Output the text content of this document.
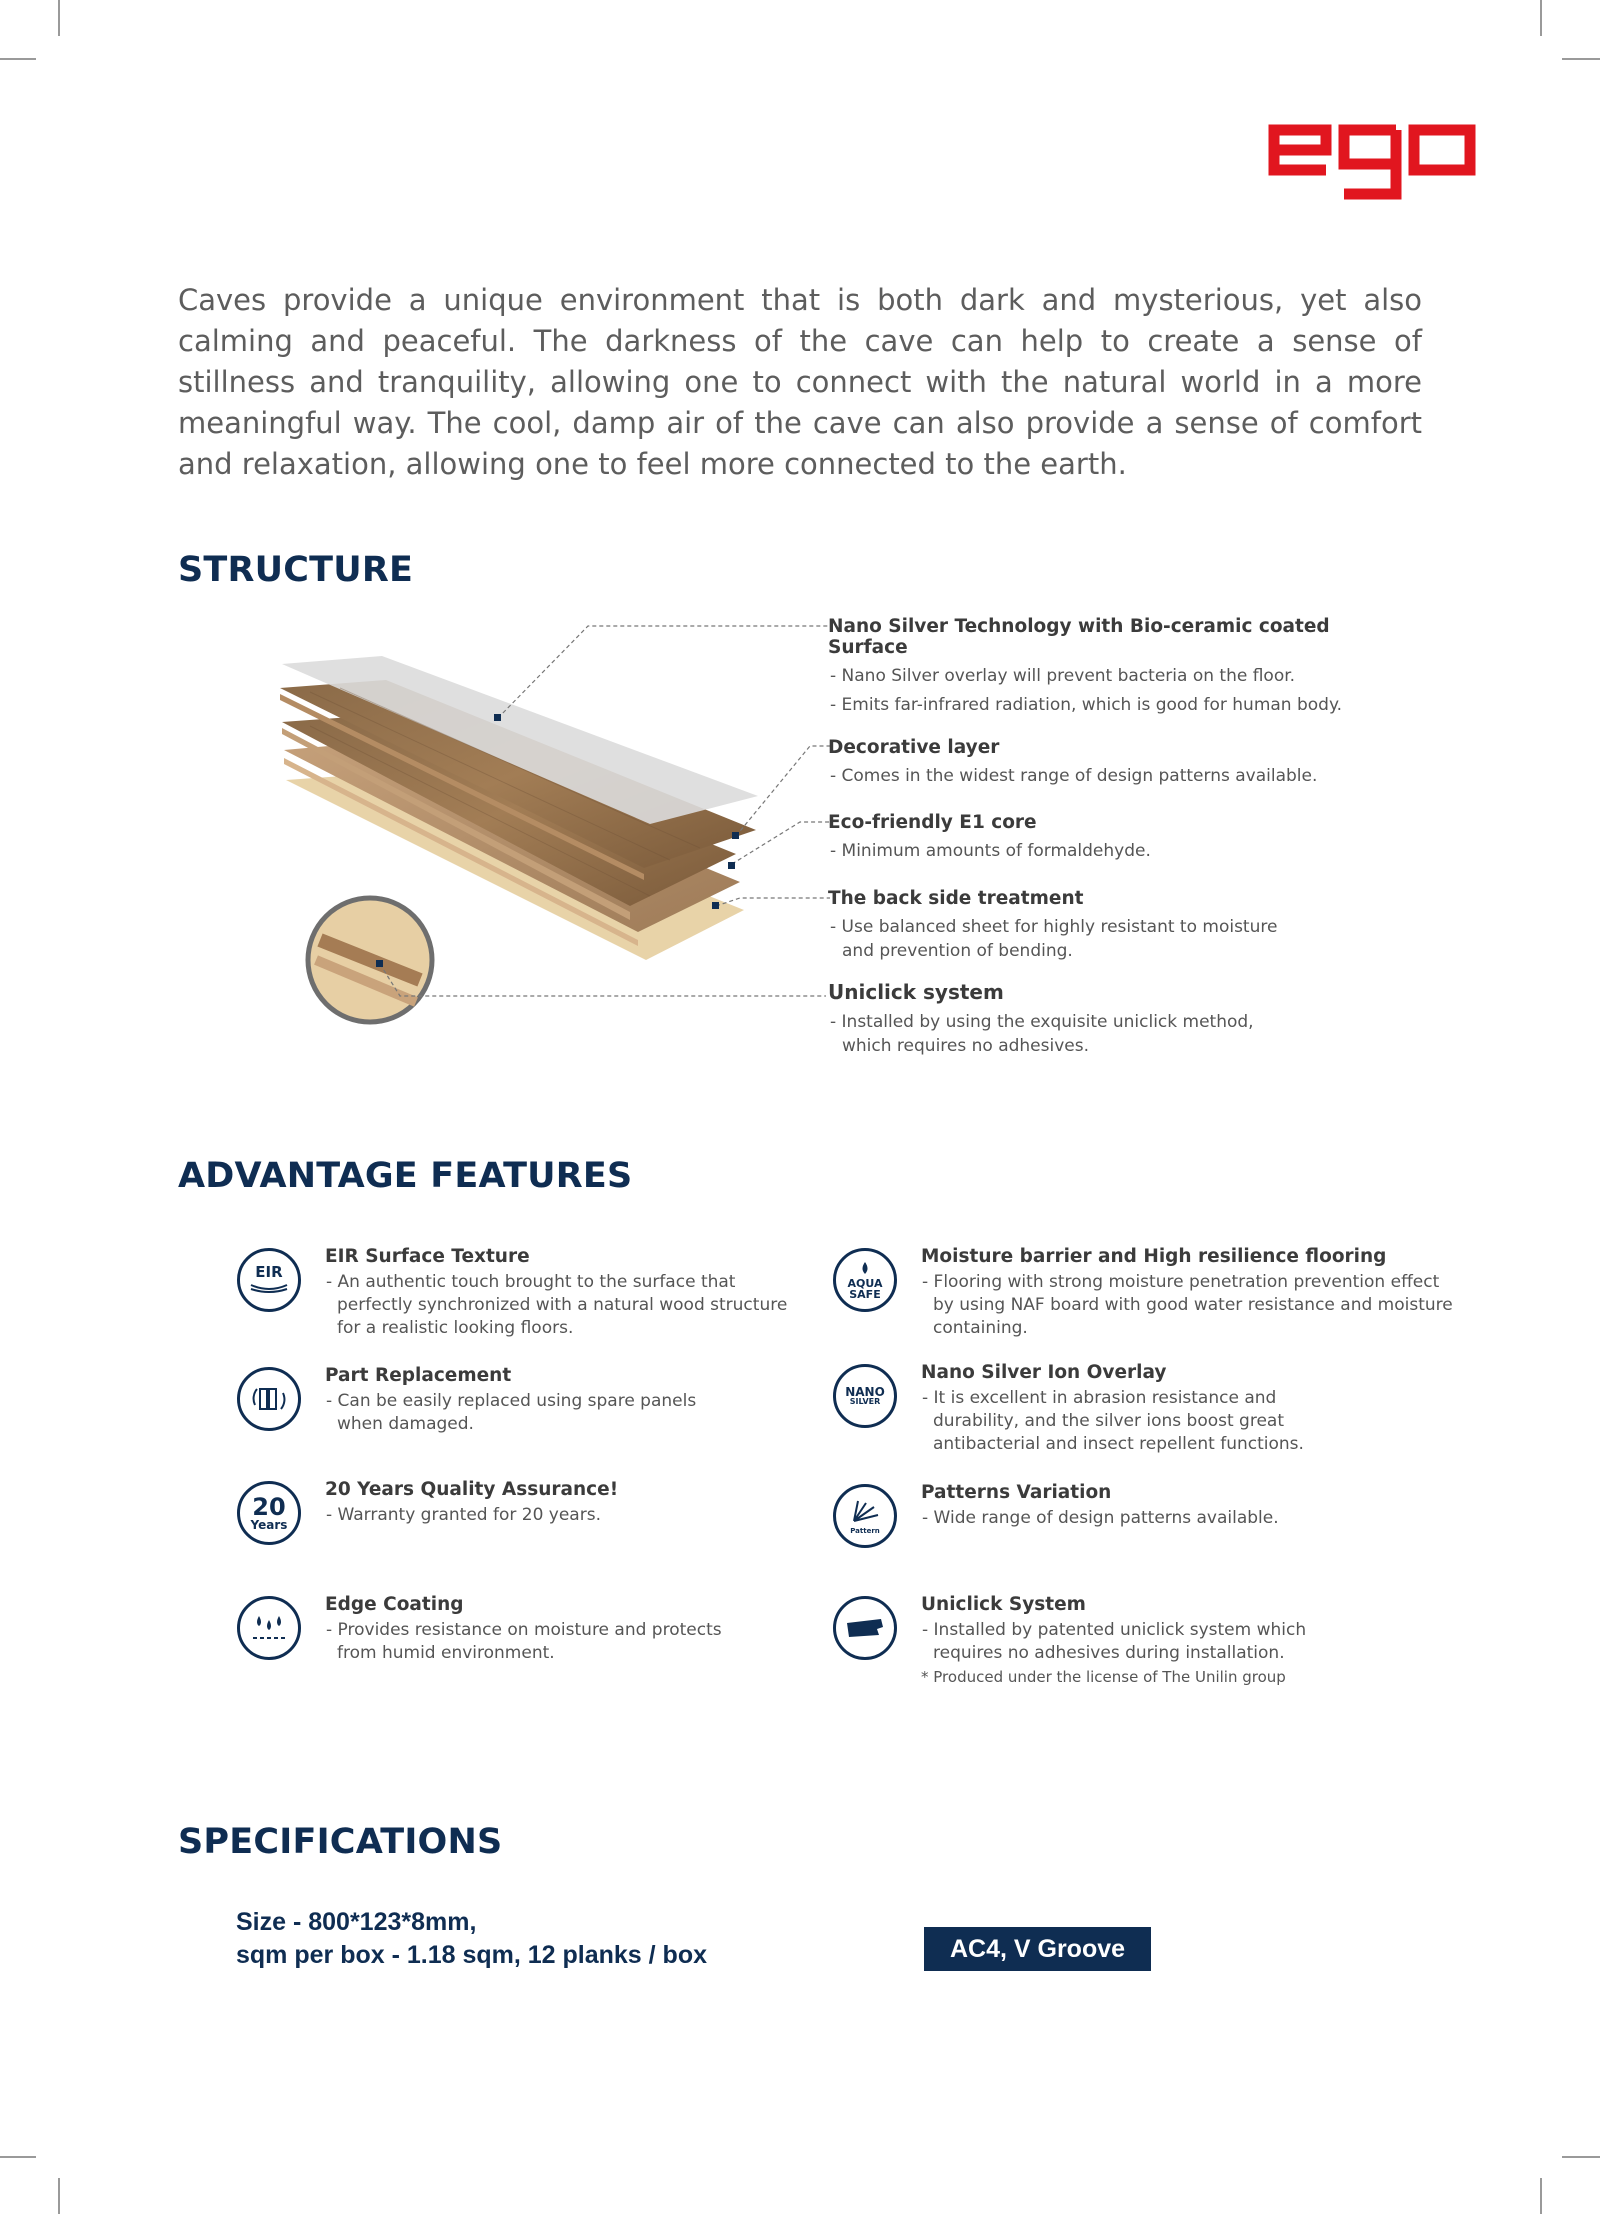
Caves provide a unique environment that is both dark and mysterious, yet also calming and peaceful. The darkness of the cave can help to create a sense of stillness and tranquility, allowing one to connect with the natural world in a more meaningful way. The cool, damp air of the cave can also provide a sense of comfort and relaxation, allowing one to feel more connected to the earth.

STRUCTURE

Nano Silver Technology with Bio-ceramic coated Surface

- Nano Silver overlay will prevent bacteria on the floor.

- Emits far-infrared radiation, which is good for human body.

Decorative layer

- Comes in the widest range of design patterns available.

Eco-friendly E1 core

- Minimum amounts of formaldehyde.

The back side treatment

- Use balanced sheet for highly resistant to moisture and prevention of bending.

Uniclick system

- Installed by using the exquisite uniclick method, which requires no adhesives.

ADVANTAGE FEATURES
EIR

EIR Surface Texture

- An authentic touch brought to the surface that perfectly synchronized with a natural wood structure for a realistic looking floors.

Part Replacement

- Can be easily replaced using spare panels when damaged.

20
Years

20 Years Quality Assurance!

- Warranty granted for 20 years.

Edge Coating

- Provides resistance on moisture and protects from humid environment.

AQUA
SAFE

Moisture barrier and High resilience flooring

- Flooring with strong moisture penetration prevention effect by using NAF board with good water resistance and moisture containing.

NANO
SILVER

Nano Silver Ion Overlay

- It is excellent in abrasion resistance and durability, and the silver ions boost great antibacterial and insect repellent functions.

Pattern

Patterns Variation

- Wide range of design patterns available.

Uniclick System

- Installed by patented uniclick system which requires no adhesives during installation.

* Produced under the license of The Unilin group

SPECIFICATIONS

Size - 800*123*8mm,
sqm per box - 1.18 sqm, 12 planks / box	AC4, V Groove
